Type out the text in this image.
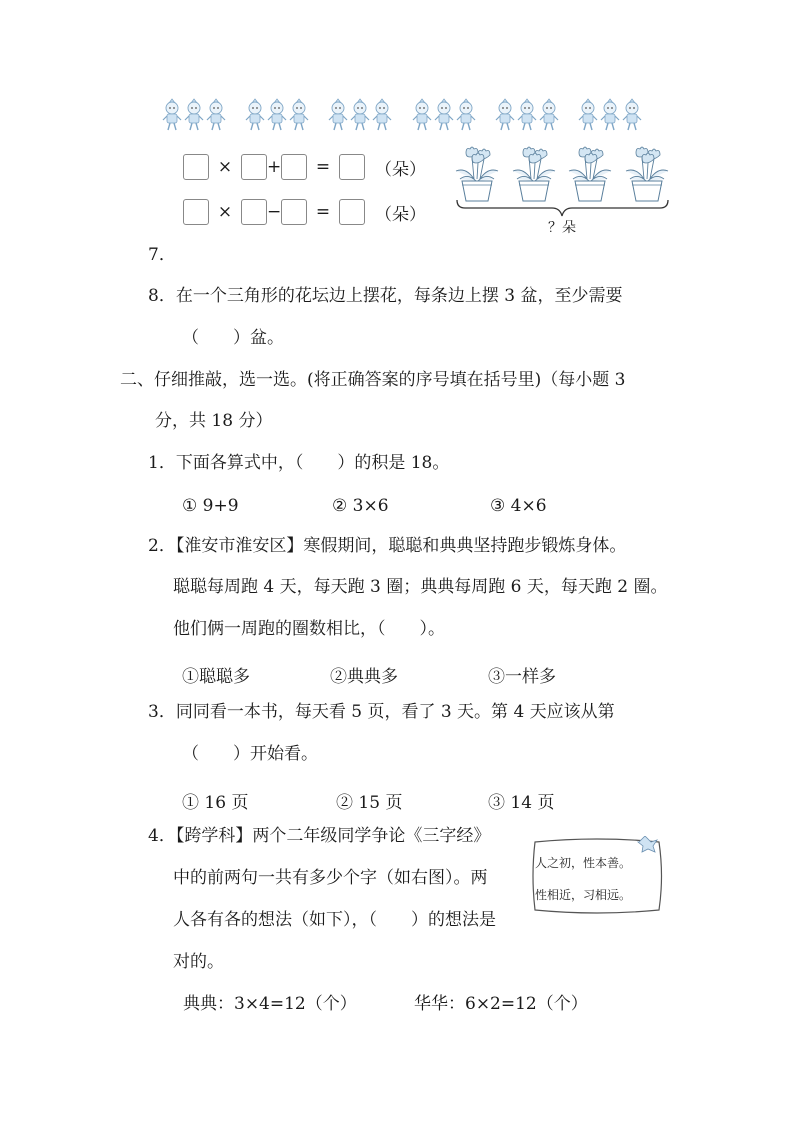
×	+	=	（朵）
×	−	=	（朵）
？朵
7．
8．在一个三角形的花坛边上摆花，每条边上摆 3 盆，至少需要
（　　）盆。
二、仔细推敲，选一选。(将正确答案的序号填在括号里)（每小题 3
分，共 18 分）
1．下面各算式中，（　　）的积是 18。
① 9+9	② 3×6	③ 4×6
2．【淮安市淮安区】寒假期间，聪聪和典典坚持跑步锻炼身体。
聪聪每周跑 4 天，每天跑 3 圈；典典每周跑 6 天，每天跑 2 圈。
他们俩一周跑的圈数相比，（　　）。
①聪聪多	②典典多	③一样多
3．同同看一本书，每天看 5 页，看了 3 天。第 4 天应该从第
（　　）开始看。
① 16 页	② 15 页	③ 14 页
4．【跨学科】两个二年级同学争论《三字经》
中的前两句一共有多少个字（如右图）。两
人各有各的想法（如下），（　　）的想法是
对的。
人之初，性本善。
性相近，习相远。
典典：3×4=12（个）	华华：6×2=12（个）
